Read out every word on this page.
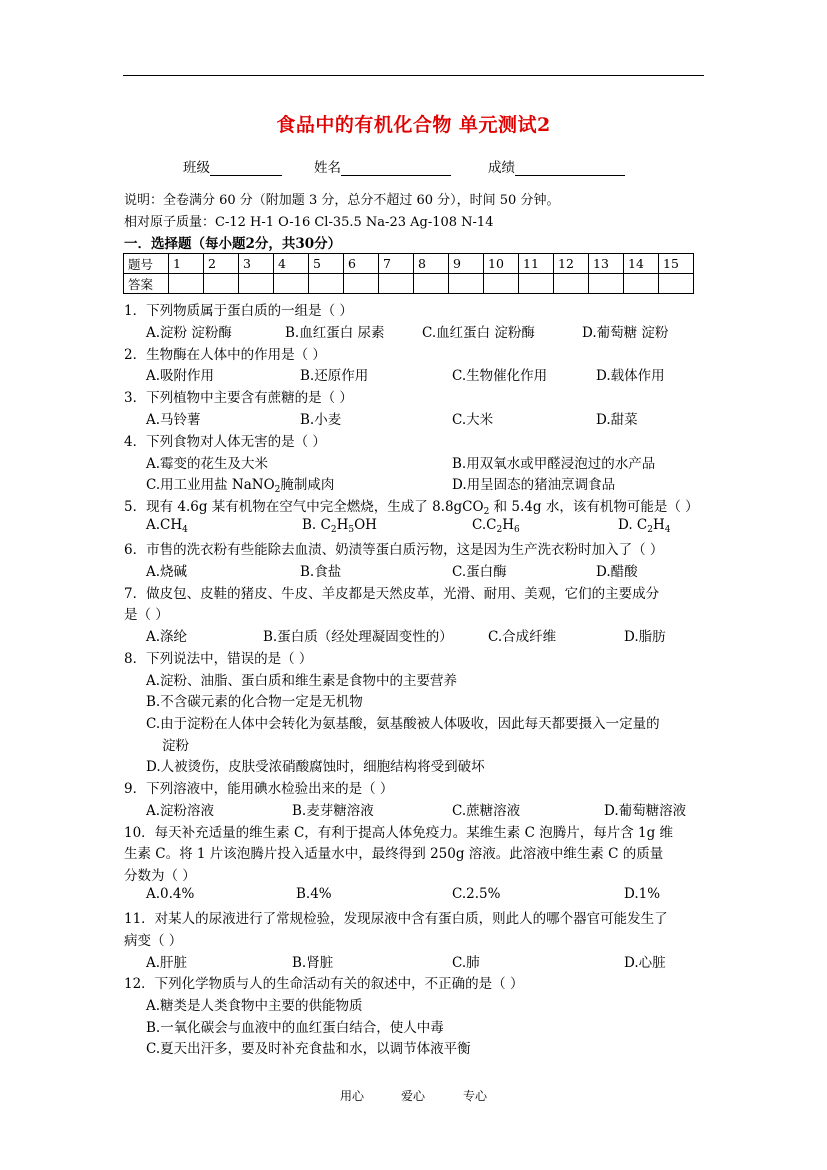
食品中的有机化合物 单元测试2
班级	姓名	成绩
说明：全卷满分 60 分（附加题 3 分，总分不超过 60 分），时间 50 分钟。
相对原子质量：C-12 H-1 O-16 Cl-35.5 Na-23 Ag-108 N-14
一．选择题（每小题2分，共30分）
题号	1	2	3	4	5	6	7	8	9	10	11	12	13	14	15
答案															
1．下列物质属于蛋白质的一组是（ ）
A.淀粉 淀粉酶	B.血红蛋白 尿素	C.血红蛋白 淀粉酶	D.葡萄糖 淀粉
2．生物酶在人体中的作用是（ ）
A.吸附作用	B.还原作用	C.生物催化作用	D.载体作用
3．下列植物中主要含有蔗糖的是（ ）
A.马铃薯	B.小麦	C.大米	D.甜菜
4．下列食物对人体无害的是（ ）
A.霉变的花生及大米	B.用双氧水或甲醛浸泡过的水产品
C.用工业用盐 NaNO$_2$腌制咸肉	D.用呈固态的猪油烹调食品
5．现有 4.6g 某有机物在空气中完全燃烧，生成了 8.8gCO$_2$ 和 5.4g 水，该有机物可能是（ ）
$A.CH_4$	B. $C_2H_5OH$	$C.C_2H_6$	D. $C_2H_4$
6．市售的洗衣粉有些能除去血渍、奶渍等蛋白质污物，这是因为生产洗衣粉时加入了（ ）
A.烧碱	B.食盐	C.蛋白酶	D.醋酸
7．做皮包、皮鞋的猪皮、牛皮、羊皮都是天然皮革，光滑、耐用、美观，它们的主要成分
是（ ）
A.涤纶	B.蛋白质（经处理凝固变性的）	C.合成纤维	D.脂肪
8．下列说法中，错误的是（ ）
A.淀粉、油脂、蛋白质和维生素是食物中的主要营养
B.不含碳元素的化合物一定是无机物
C.由于淀粉在人体中会转化为氨基酸，氨基酸被人体吸收，因此每天都要摄入一定量的
淀粉
D.人被烫伤，皮肤受浓硝酸腐蚀时，细胞结构将受到破坏
9．下列溶液中，能用碘水检验出来的是（ ）
A.淀粉溶液	B.麦芽糖溶液	C.蔗糖溶液	D.葡萄糖溶液
10．每天补充适量的维生素 C，有利于提高人体免疫力。某维生素 C 泡腾片，每片含 1g 维
生素 C。将 1 片该泡腾片投入适量水中，最终得到 250g 溶液。此溶液中维生素 C 的质量
分数为（ ）
A.0.4%	B.4%	C.2.5%	D.1%
11．对某人的尿液进行了常规检验，发现尿液中含有蛋白质，则此人的哪个器官可能发生了
病变（ ）
A.肝脏	B.肾脏	C.肺	D.心脏
12．下列化学物质与人的生命活动有关的叙述中，不正确的是（ ）
A.糖类是人类食物中主要的供能物质
B.一氧化碳会与血液中的血红蛋白结合，使人中毒
C.夏天出汗多，要及时补充食盐和水，以调节体液平衡
用心	爱心	专心
